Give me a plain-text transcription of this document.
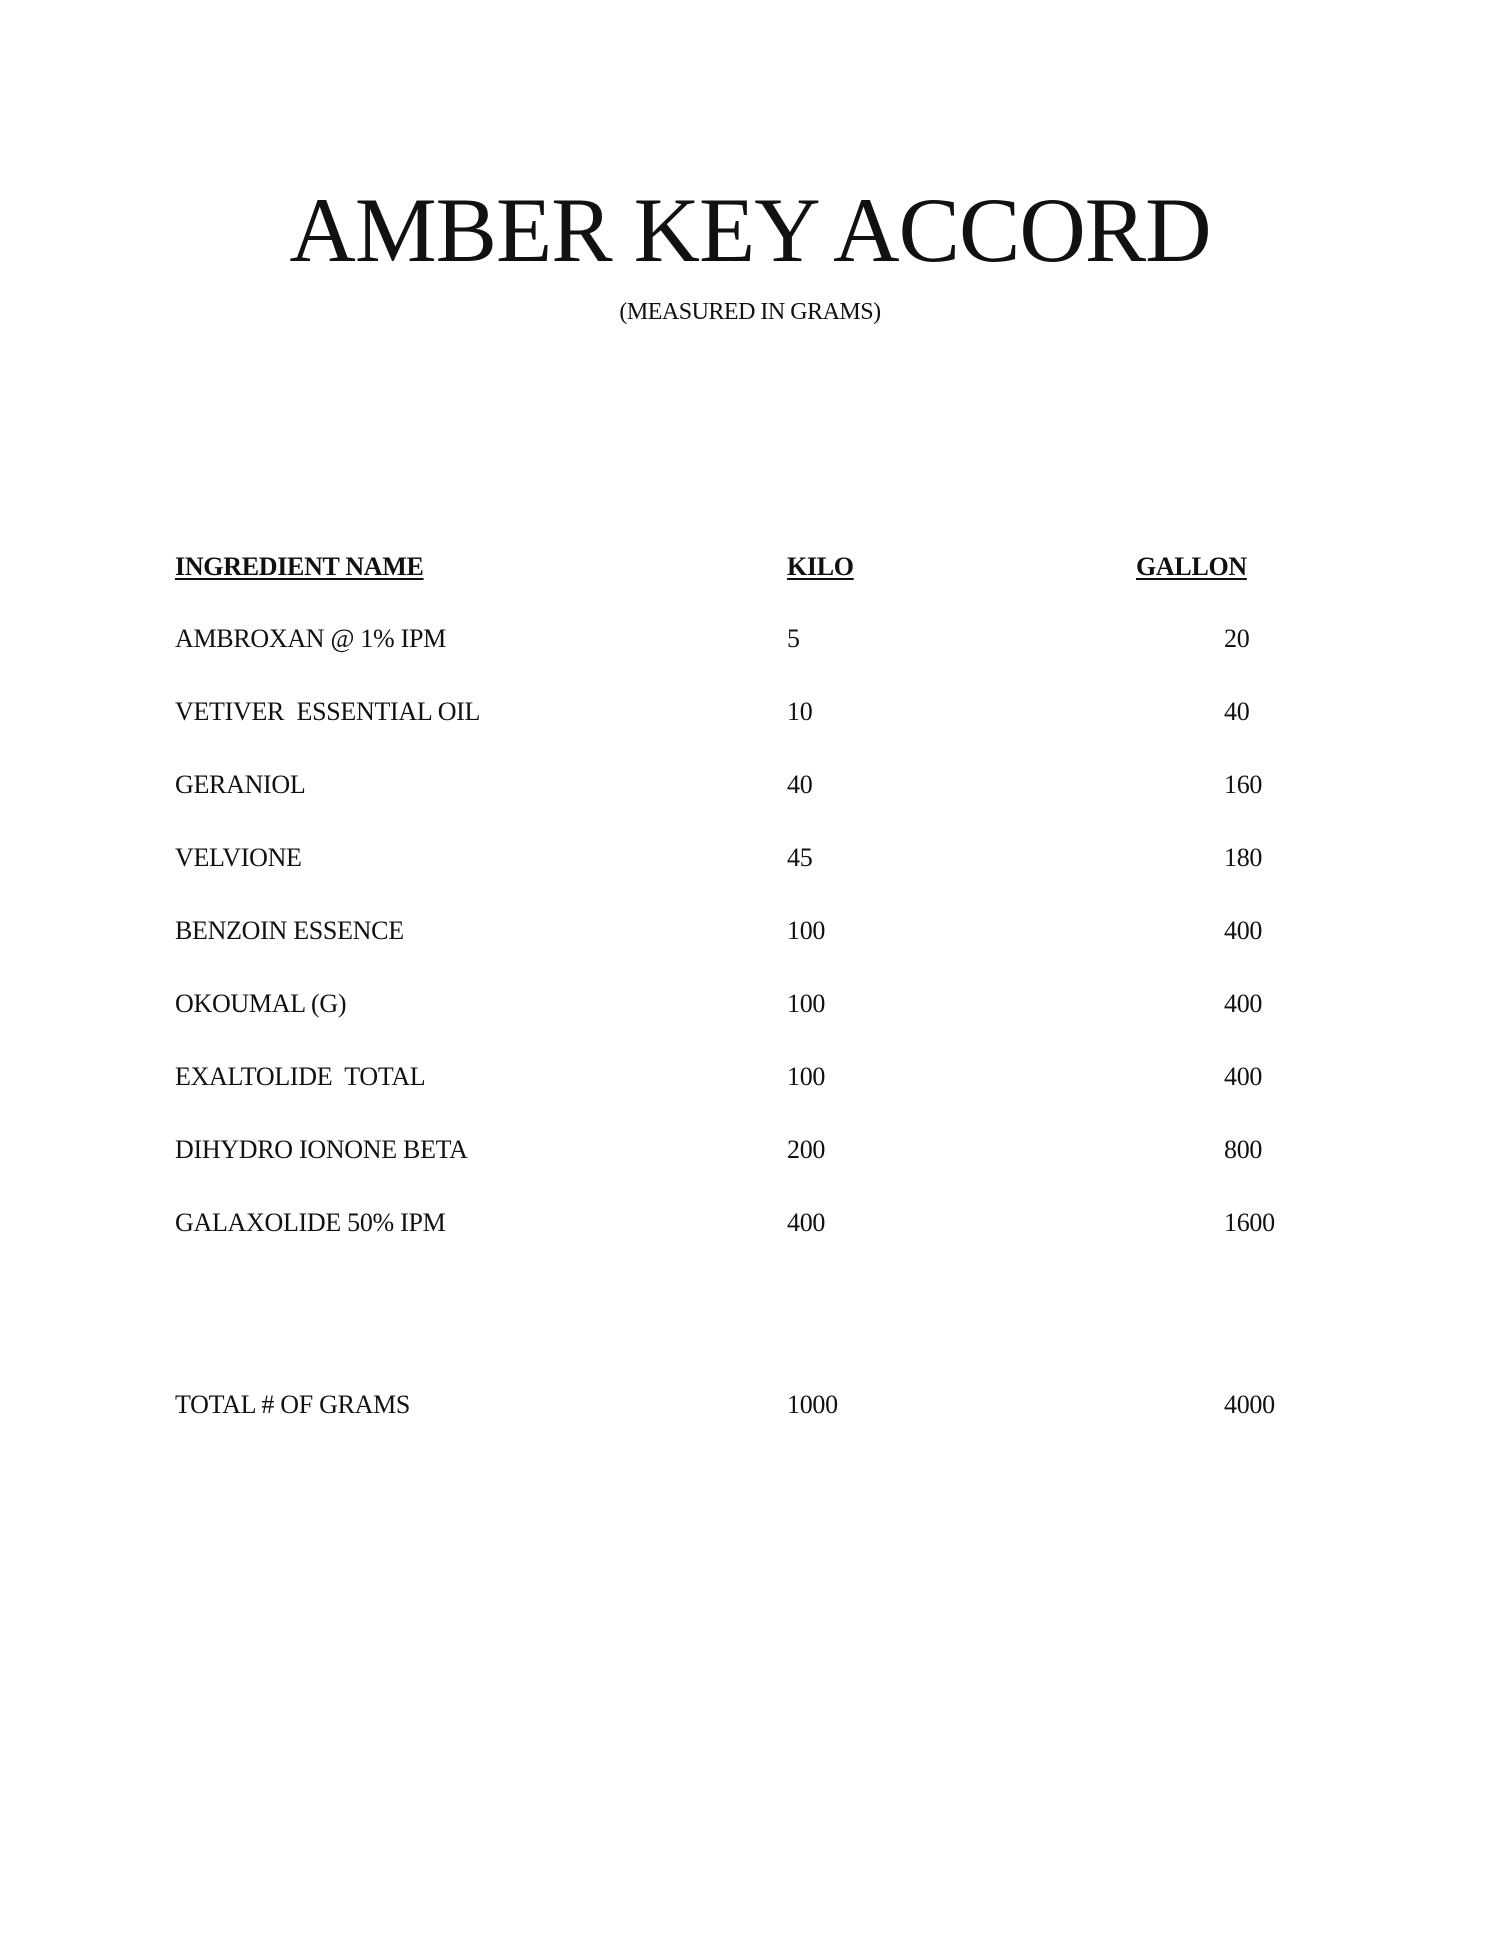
AMBER KEY ACCORD
(MEASURED IN GRAMS)
INGREDIENT NAME	KILO	GALLON
AMBROXAN @ 1% IPM	5	20
VETIVER  ESSENTIAL OIL	10	40
GERANIOL	40	160
VELVIONE	45	180
BENZOIN ESSENCE	100	400
OKOUMAL (G)	100	400
EXALTOLIDE  TOTAL	100	400
DIHYDRO IONONE BETA	200	800
GALAXOLIDE 50% IPM	400	1600
TOTAL # OF GRAMS	1000	4000
